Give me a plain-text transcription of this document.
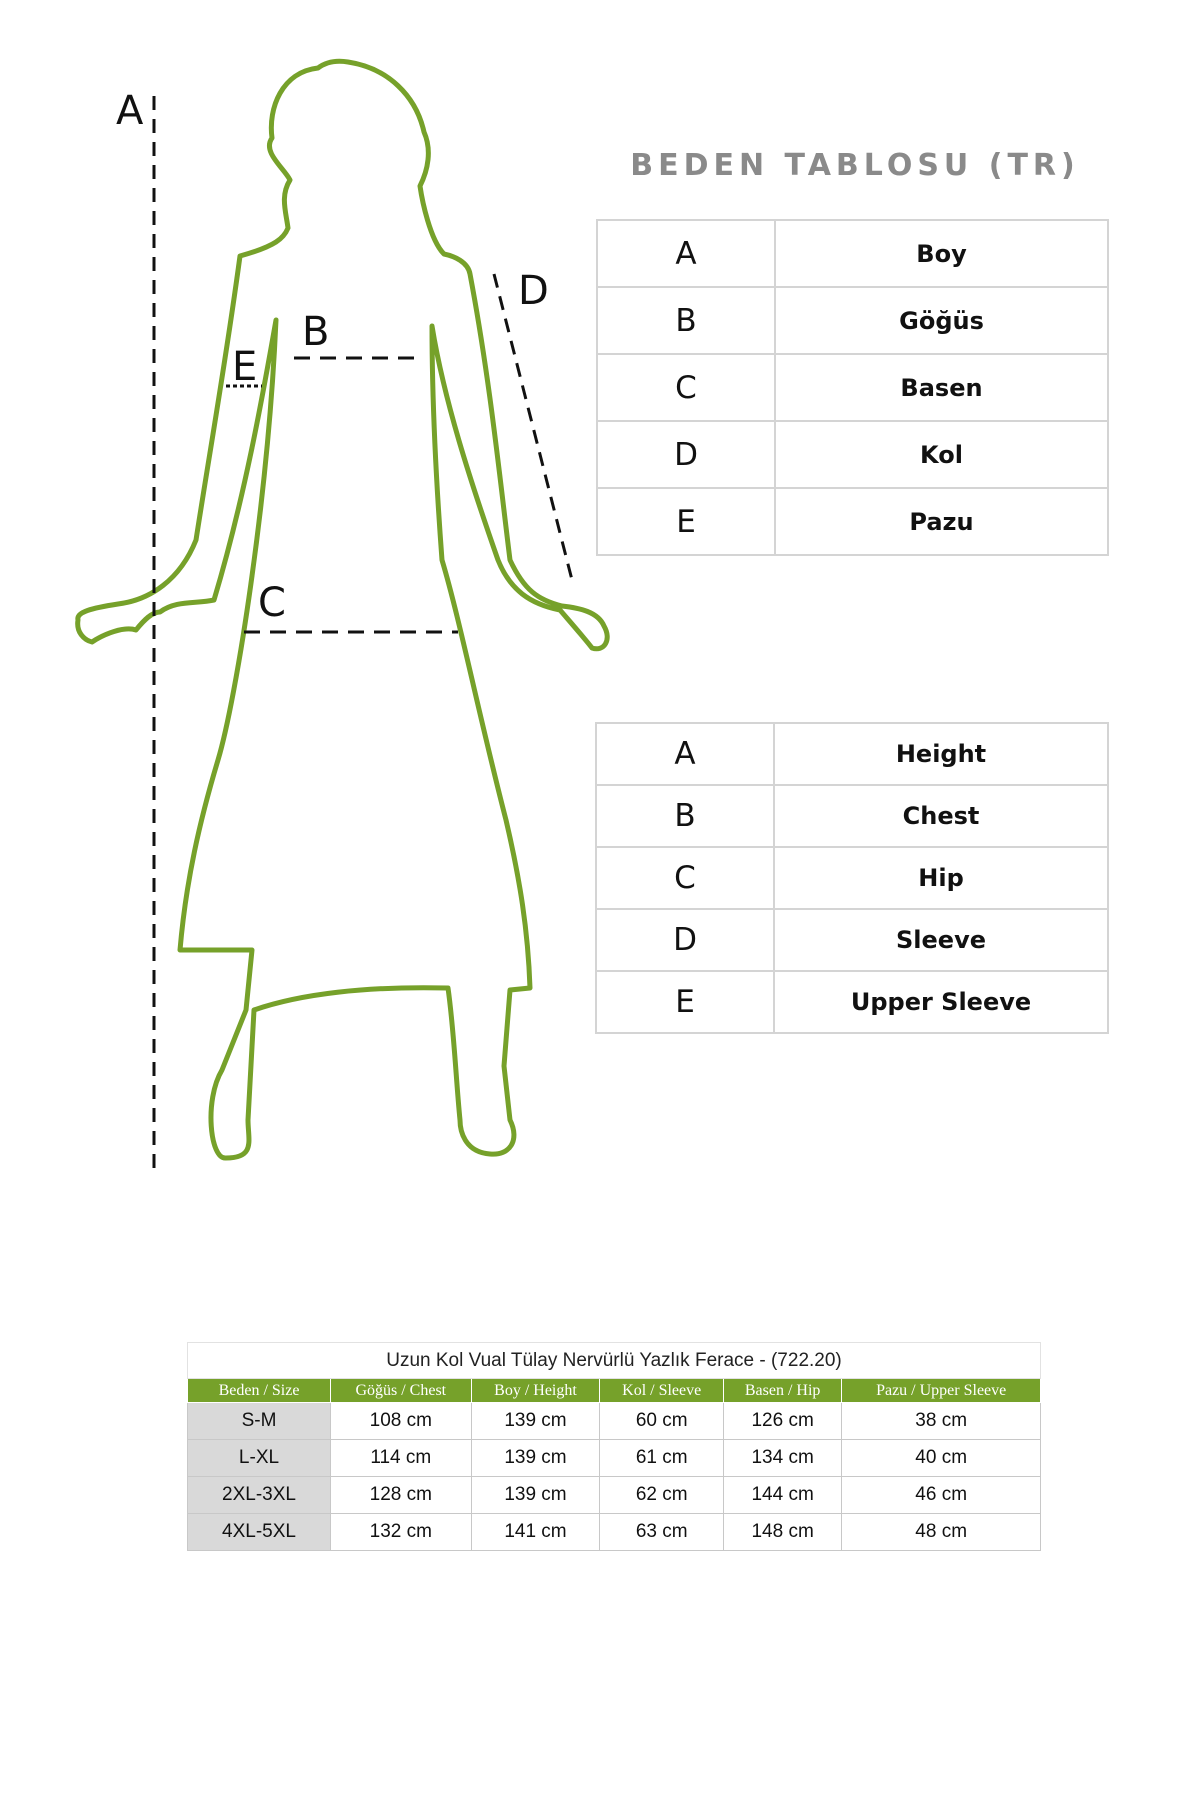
A
B
C
D
E
BEDEN TABLOSU (TR)
A	Boy
B	Göğüs
C	Basen
D	Kol
E	Pazu
A	Height
B	Chest
C	Hip
D	Sleeve
E	Upper Sleeve
Uzun Kol Vual Tülay Nervürlü Yazlık Ferace - (722.20)					
Beden / Size	Göğüs / Chest	Boy / Height	Kol / Sleeve	Basen / Hip	Pazu / Upper Sleeve
S-M	108 cm	139 cm	60 cm	126 cm	38 cm
L-XL	114 cm	139 cm	61 cm	134 cm	40 cm
2XL-3XL	128 cm	139 cm	62 cm	144 cm	46 cm
4XL-5XL	132 cm	141 cm	63 cm	148 cm	48 cm
